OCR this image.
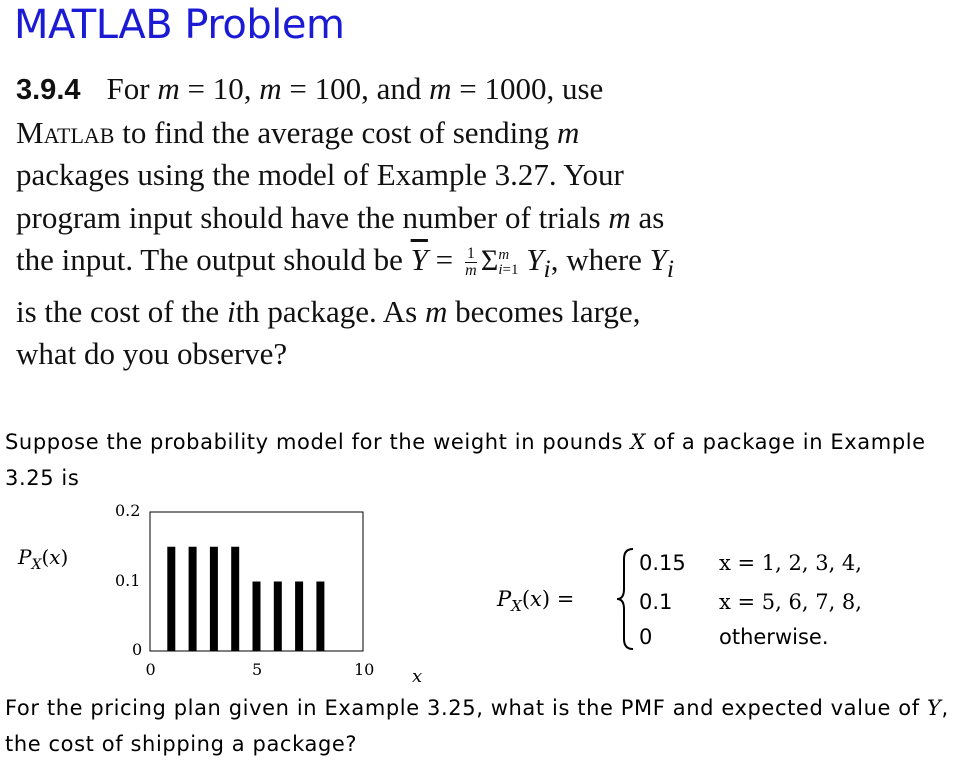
MATLAB Problem
3.9.4 For m = 10, m = 100, and m = 1000, use Matlab to find the average cost of sending m packages using the model of Example 3.27. Your program input should have the number of trials m as the input. The output should be $\overline{Y} = \frac{1}{m}$ Σm
i=1 $Y_i$, where $Y_i$ is the cost of the ith package. As m becomes large, what do you observe?
Suppose the probability model for the weight in pounds X of a package in Example 3.25 is
$P_X(x)$
0
0.1
0.2
0	5	10 x
$P_X(x)$ =
0.15 x = 1, 2, 3, 4,
0.1 x = 5, 6, 7, 8,
0	otherwise.
For the pricing plan given in Example 3.25, what is the PMF and expected value of Y, the cost of shipping a package?
